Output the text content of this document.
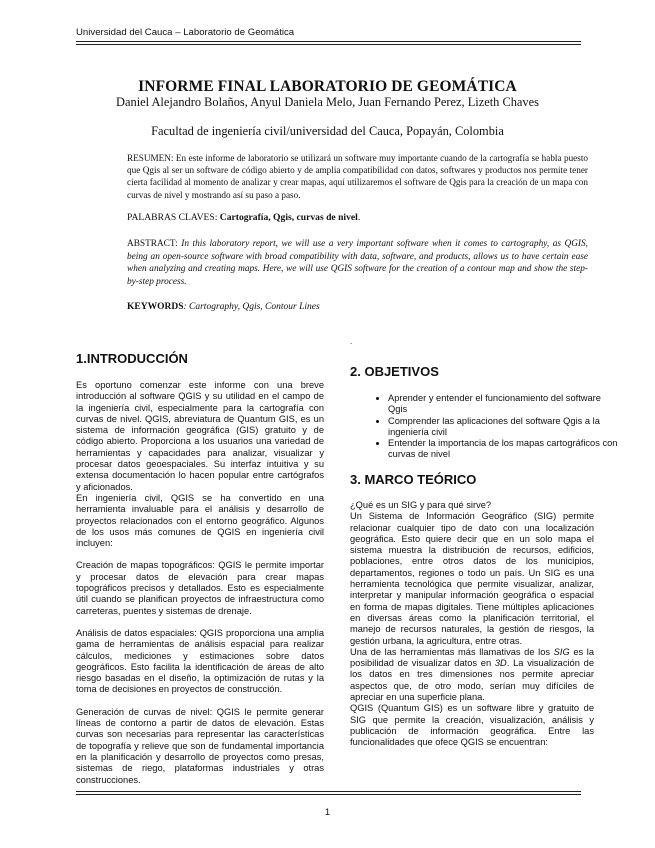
Universidad del Cauca – Laboratorio de Geomática
INFORME FINAL LABORATORIO DE GEOMÁTICA
Daniel Alejandro Bolaños, Anyul Daniela Melo, Juan Fernando Perez, Lizeth Chaves
Facultad de ingeniería civil/universidad del Cauca, Popayán, Colombia
RESUMEN: En este informe de laboratorio se utilizará un software muy importante cuando de la cartografía se habla puesto que Qgis al ser un software de código abierto y de amplia compatibilidad con datos, softwares y productos nos permite tener cierta facilidad al momento de analizar y crear mapas, aquí utilizaremos el software de Qgis para la creación de un mapa con curvas de nivel y mostrando así su paso a paso.
PALABRAS CLAVES: Cartografía, Qgis, curvas de nivel.
ABSTRACT: In this laboratory report, we will use a very important software when it comes to cartography, as QGIS, being an open-source software with broad compatibility with data, software, and products, allows us to have certain ease when analyzing and creating maps. Here, we will use QGIS software for the creation of a contour map and show the step-by-step process.
KEYWORDS: Cartography, Qgis, Contour Lines
1.INTRODUCCIÓN

Es oportuno comenzar este informe con una breve introducción al software QGIS y su utilidad en el campo de la ingeniería civil, especialmente para la cartografía con curvas de nivel. QGIS, abreviatura de Quantum GIS, es un sistema de información geográfica (GIS) gratuito y de código abierto. Proporciona a los usuarios una variedad de herramientas y capacidades para analizar, visualizar y procesar datos geoespaciales. Su interfaz intuitiva y su extensa documentación lo hacen popular entre cartógrafos y aficionados.

En ingeniería civil, QGIS se ha convertido en una herramienta invaluable para el análisis y desarrollo de proyectos relacionados con el entorno geográfico. Algunos de los usos más comunes de QGIS en ingeniería civil incluyen:

Creación de mapas topográficos: QGIS le permite importar y procesar datos de elevación para crear mapas topográficos precisos y detallados. Esto es especialmente útil cuando se planifican proyectos de infraestructura como carreteras, puentes y sistemas de drenaje.

Análisis de datos espaciales: QGIS proporciona una amplia gama de herramientas de análisis espacial para realizar cálculos, mediciones y estimaciones sobre datos geográficos. Esto facilita la identificación de áreas de alto riesgo basadas en el diseño, la optimización de rutas y la toma de decisiones en proyectos de construcción.

Generación de curvas de nivel: QGIS le permite generar líneas de contorno a partir de datos de elevación. Estas curvas son necesarias para representar las características de topografía y relieve que son de fundamental importancia en la planificación y desarrollo de proyectos como presas, sistemas de riego, plataformas industriales y otras construcciones.

.
2. OBJETIVOS
• Aprender y entender el funcionamiento del software Qgis
• Comprender las aplicaciones del software Qgis a la ingeniería civil
• Entender la importancia de los mapas cartográficos con curvas de nivel
3. MARCO TEÓRICO

¿Qué es un SIG y para qué sirve?

Un Sistema de Información Geográfico (SIG) permite relacionar cualquier tipo de dato con una localización geográfica. Esto quiere decir que en un solo mapa el sistema muestra la distribución de recursos, edificios, poblaciones, entre otros datos de los municipios, departamentos, regiones o todo un país. Un SIG es una herramienta tecnológica que permite visualizar, analizar, interpretar y manipular información geográfica o espacial en forma de mapas digitales. Tiene múltiples aplicaciones en diversas áreas como la planificación territorial, el manejo de recursos naturales, la gestión de riesgos, la gestión urbana, la agricultura, entre otras.

Una de las herramientas más llamativas de los SIG es la posibilidad de visualizar datos en 3D. La visualización de los datos en tres dimensiones nos permite apreciar aspectos que, de otro modo, serían muy difíciles de apreciar en una superficie plana.

QGIS (Quantum GIS) es un software libre y gratuito de SIG que permite la creación, visualización, análisis y publicación de información geográfica. Entre las funcionalidades que ofece QGIS se encuentran:

1
